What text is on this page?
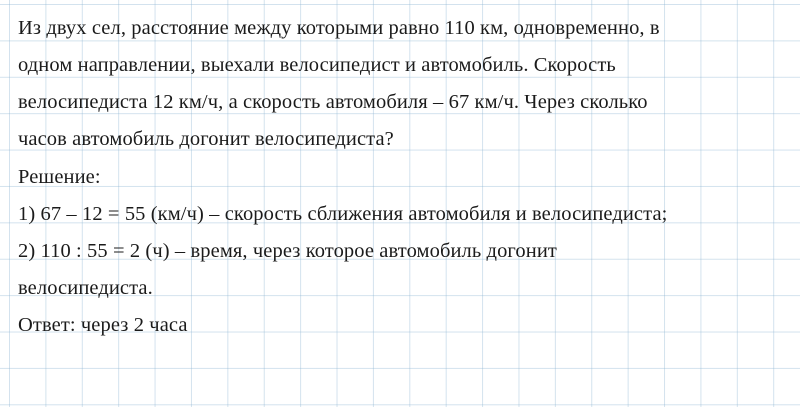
Из двух сел, расстояние между которыми равно 110 км, одновременно, в
одном направлении, выехали велосипедист и автомобиль. Скорость
велосипедиста 12 км/ч, а скорость автомобиля – 67 км/ч. Через сколько
часов автомобиль догонит велосипедиста?
Решение:
1) 67 – 12 = 55 (км/ч) – скорость сближения автомобиля и велосипедиста;
2) 110 : 55 = 2 (ч) – время, через которое автомобиль догонит
велосипедиста.
Ответ: через 2 часа
